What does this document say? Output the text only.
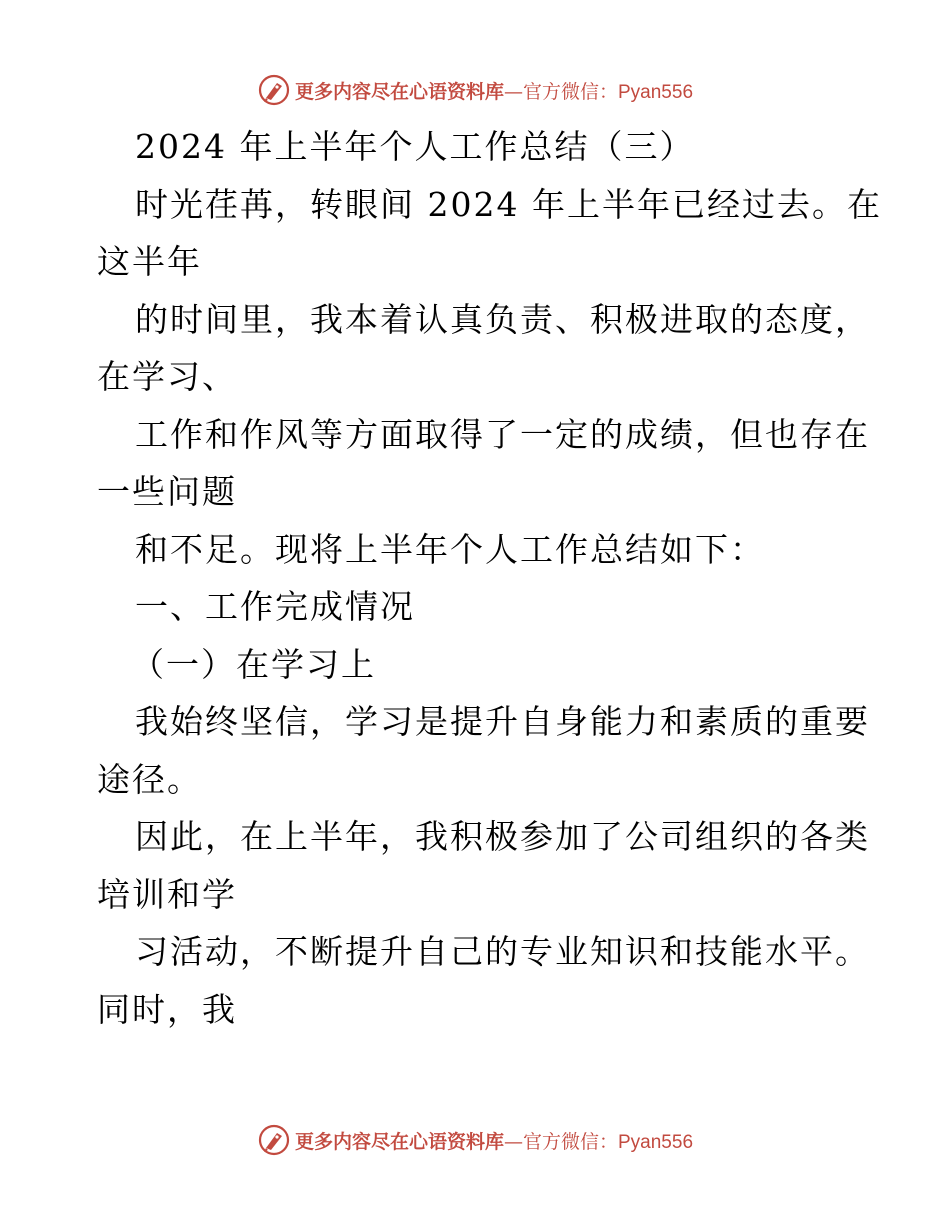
更多内容尽在心语资料库—官方微信：Pyan556
2024 年上半年个人工作总结（三）
时光荏苒，转眼间 2024 年上半年已经过去。在
这半年
的时间里，我本着认真负责、积极进取的态度，
在学习、
工作和作风等方面取得了一定的成绩，但也存在
一些问题
和不足。现将上半年个人工作总结如下：
一、工作完成情况
（一）在学习上
我始终坚信，学习是提升自身能力和素质的重要
途径。
因此，在上半年，我积极参加了公司组织的各类
培训和学
习活动，不断提升自己的专业知识和技能水平。
同时，我
更多内容尽在心语资料库—官方微信：Pyan556
